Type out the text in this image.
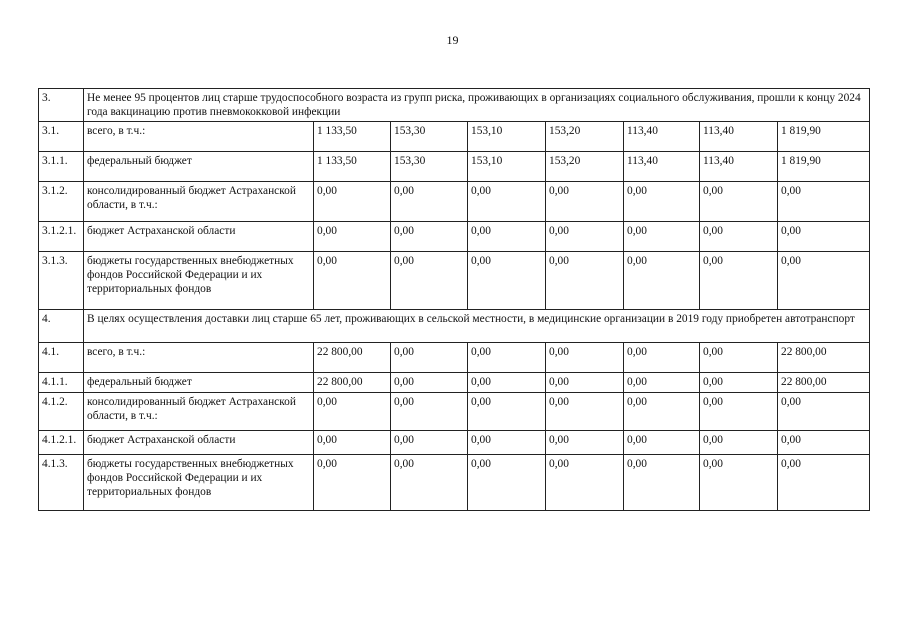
19
3.	Не менее 95 процентов лиц старше трудоспособного возраста из групп риска, проживающих в организациях социального обслуживания, прошли к концу 2024 года вакцинацию против пневмококковой инфекции							
3.1.	всего, в т.ч.:	1 133,50	153,30	153,10	153,20	113,40	113,40	1 819,90
3.1.1.	федеральный бюджет	1 133,50	153,30	153,10	153,20	113,40	113,40	1 819,90
3.1.2.	консолидированный бюджет Астраханской области, в т.ч.:	0,00	0,00	0,00	0,00	0,00	0,00	0,00
3.1.2.1.	бюджет Астраханской области	0,00	0,00	0,00	0,00	0,00	0,00	0,00
3.1.3.	бюджеты государственных внебюджетных фондов Российской Федерации и их территориальных фондов	0,00	0,00	0,00	0,00	0,00	0,00	0,00
4.	В целях осуществления доставки лиц старше 65 лет, проживающих в сельской местности, в медицинские организации в 2019 году приобретен автотранспорт							
4.1.	всего, в т.ч.:	22 800,00	0,00	0,00	0,00	0,00	0,00	22 800,00
4.1.1.	федеральный бюджет	22 800,00	0,00	0,00	0,00	0,00	0,00	22 800,00
4.1.2.	консолидированный бюджет Астраханской области, в т.ч.:	0,00	0,00	0,00	0,00	0,00	0,00	0,00
4.1.2.1.	бюджет Астраханской области	0,00	0,00	0,00	0,00	0,00	0,00	0,00
4.1.3.	бюджеты государственных внебюджетных фондов Российской Федерации и их территориальных фондов	0,00	0,00	0,00	0,00	0,00	0,00	0,00
